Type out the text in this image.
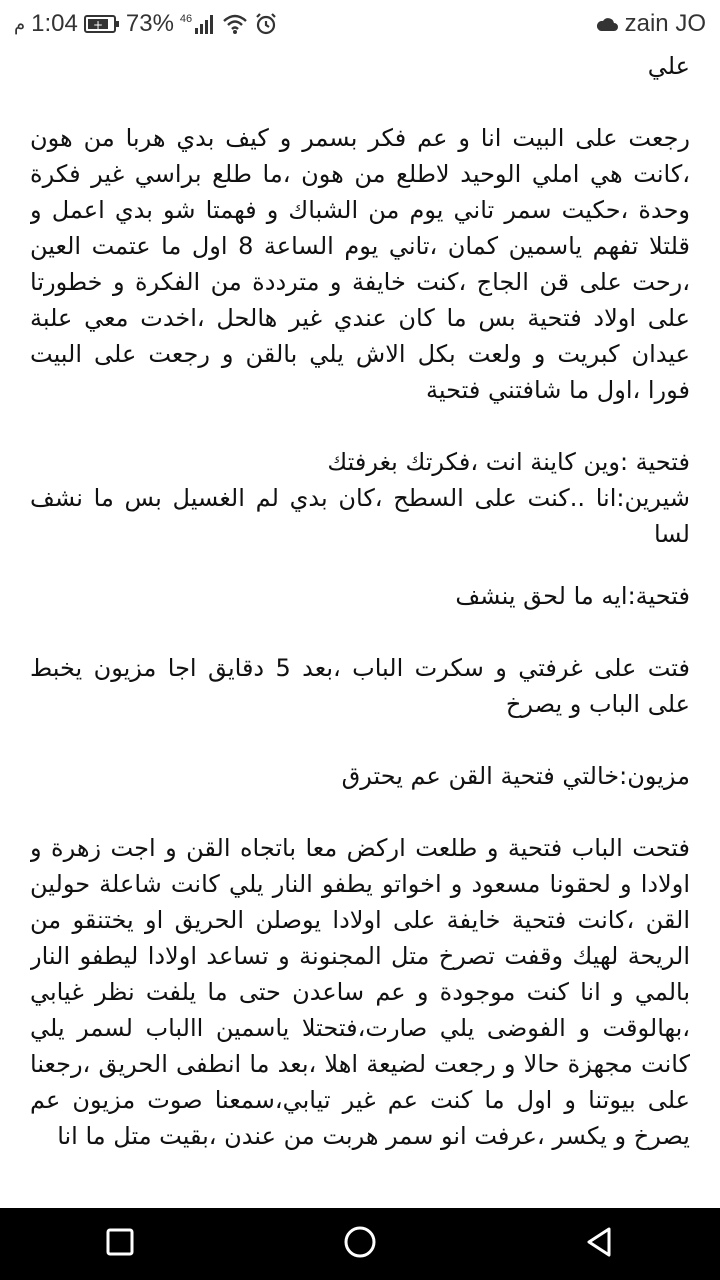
م 1:04 + 73% 46	zain JO

علي

رجعت على البيت انا و عم فكر بسمر و كيف بدي هربا من هون ،كانت هي املي الوحيد لاطلع من هون ،ما طلع براسي غير فكرة وحدة ،حكيت سمر تاني يوم من الشباك و فهمتا شو بدي اعمل و قلتلا تفهم ياسمين كمان ،تاني يوم الساعة 8 اول ما عتمت العين ،رحت على قن الجاج ،كنت خايفة و مترددة من الفكرة و خطورتا على اولاد فتحية بس ما كان عندي غير هالحل ،اخدت معي علبة عيدان كبريت و ولعت بكل الاش يلي بالقن و رجعت على البيت فورا ،اول ما شافتني فتحية

فتحية :وين كاينة انت ،فكرتك بغرفتك

شيرين:انا ..كنت على السطح ،كان بدي لم الغسيل بس ما نشف لسا

فتحية:ايه ما لحق ينشف

فتت على غرفتي و سكرت الباب ،بعد 5 دقايق اجا مزيون يخبط على الباب و يصرخ

مزيون:خالتي فتحية القن عم يحترق

فتحت الباب فتحية و طلعت اركض معا باتجاه القن و اجت زهرة و اولادا و لحقونا مسعود و اخواتو يطفو النار يلي كانت شاعلة حولين القن ،كانت فتحية خايفة على اولادا يوصلن الحريق او يختنقو من الريحة لهيك وقفت تصرخ متل المجنونة و تساعد اولادا ليطفو النار بالمي و انا كنت موجودة و عم ساعدن حتى ما يلفت نظر غيابي ،بهالوقت و الفوضى يلي صارت،فتحتلا ياسمين االباب لسمر يلي كانت مجهزة حالا و رجعت لضيعة اهلا ،بعد ما انطفى الحريق ،رجعنا على بيوتنا و اول ما كنت عم غير تيابي،سمعنا صوت مزيون عم يصرخ و يكسر ،عرفت انو سمر هربت من عندن ،بقيت متل ما انا
